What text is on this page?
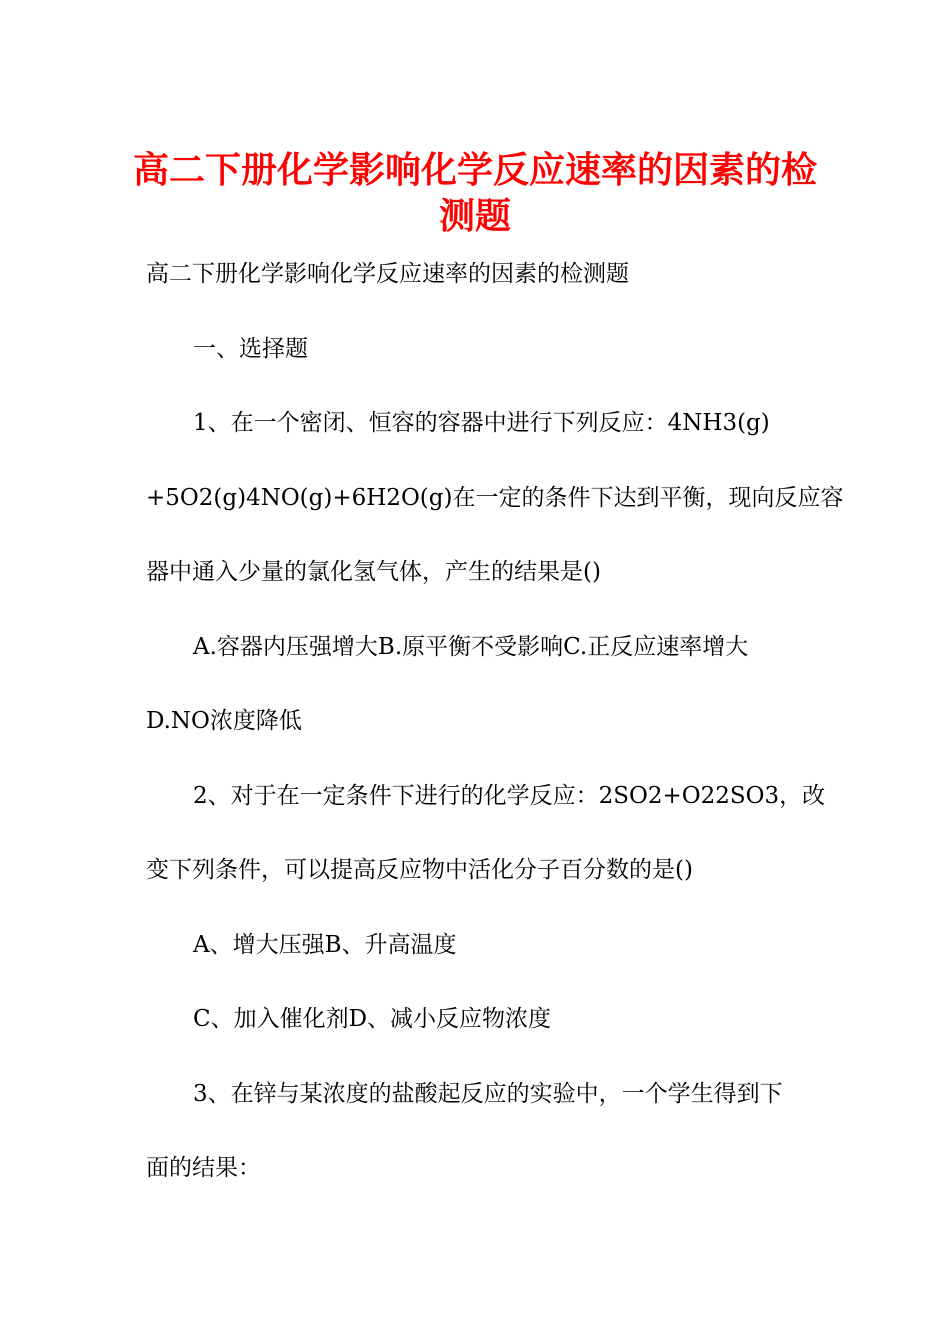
高二下册化学影响化学反应速率的因素的检测题

高二下册化学影响化学反应速率的因素的检测题

一、选择题

1、在一个密闭、恒容的容器中进行下列反应：4NH3(g)

+5O2(g)4NO(g)+6H2O(g)在一定的条件下达到平衡，现向反应容

器中通入少量的氯化氢气体，产生的结果是()

A.容器内压强增大B.原平衡不受影响C.正反应速率增大

D.NO浓度降低

2、对于在一定条件下进行的化学反应：2SO2+O22SO3，改

变下列条件，可以提高反应物中活化分子百分数的是()

A、增大压强B、升高温度

C、加入催化剂D、减小反应物浓度

3、在锌与某浓度的盐酸起反应的实验中，一个学生得到下

面的结果：
